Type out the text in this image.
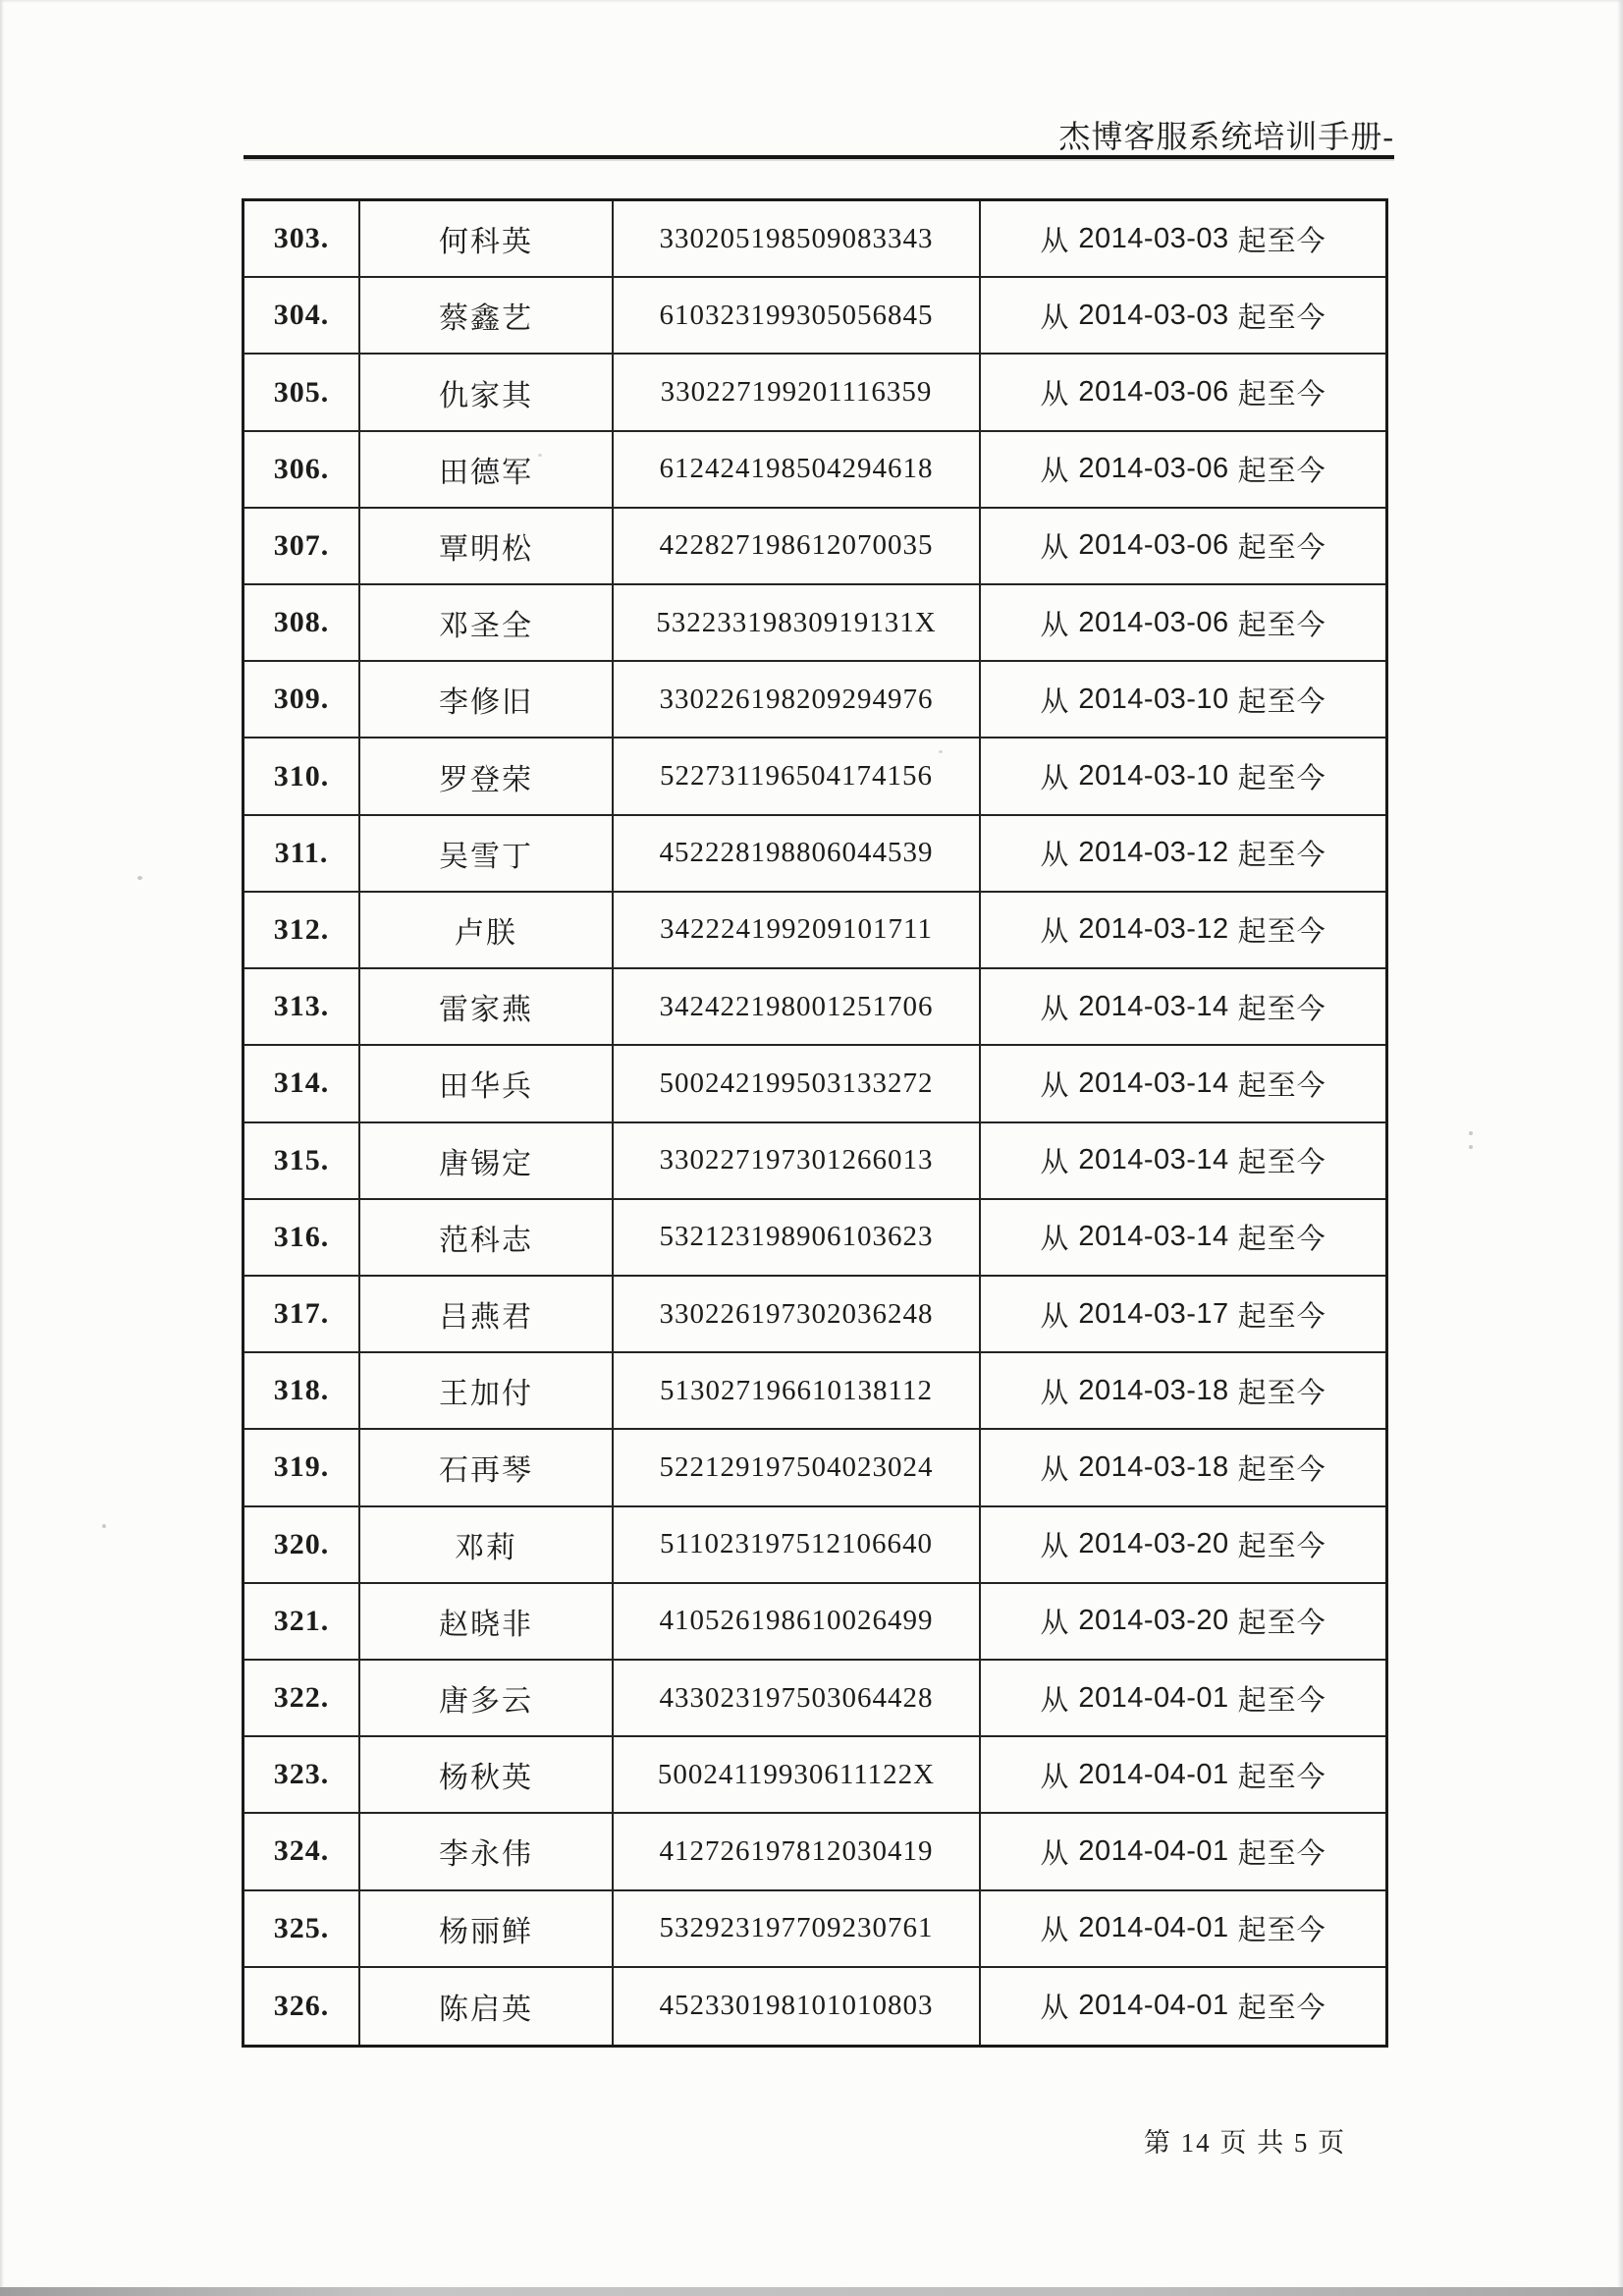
杰博客服系统培训手册-
303.	何科英	330205198509083343	从 2014-03-03 起至今
304.	蔡鑫艺	610323199305056845	从 2014-03-03 起至今
305.	仇家其	330227199201116359	从 2014-03-06 起至今
306.	田德军	612424198504294618	从 2014-03-06 起至今
307.	覃明松	422827198612070035	从 2014-03-06 起至今
308.	邓圣全	53223319830919131X	从 2014-03-06 起至今
309.	李修旧	330226198209294976	从 2014-03-10 起至今
310.	罗登荣	522731196504174156	从 2014-03-10 起至今
311.	吴雪丁	452228198806044539	从 2014-03-12 起至今
312.	卢朕	342224199209101711	从 2014-03-12 起至今
313.	雷家燕	342422198001251706	从 2014-03-14 起至今
314.	田华兵	500242199503133272	从 2014-03-14 起至今
315.	唐锡定	330227197301266013	从 2014-03-14 起至今
316.	范科志	532123198906103623	从 2014-03-14 起至今
317.	吕燕君	330226197302036248	从 2014-03-17 起至今
318.	王加付	513027196610138112	从 2014-03-18 起至今
319.	石再琴	522129197504023024	从 2014-03-18 起至今
320.	邓莉	511023197512106640	从 2014-03-20 起至今
321.	赵晓非	410526198610026499	从 2014-03-20 起至今
322.	唐多云	433023197503064428	从 2014-04-01 起至今
323.	杨秋英	50024119930611122X	从 2014-04-01 起至今
324.	李永伟	412726197812030419	从 2014-04-01 起至今
325.	杨丽鲜	532923197709230761	从 2014-04-01 起至今
326.	陈启英	452330198101010803	从 2014-04-01 起至今
第 14 页 共 5 页
